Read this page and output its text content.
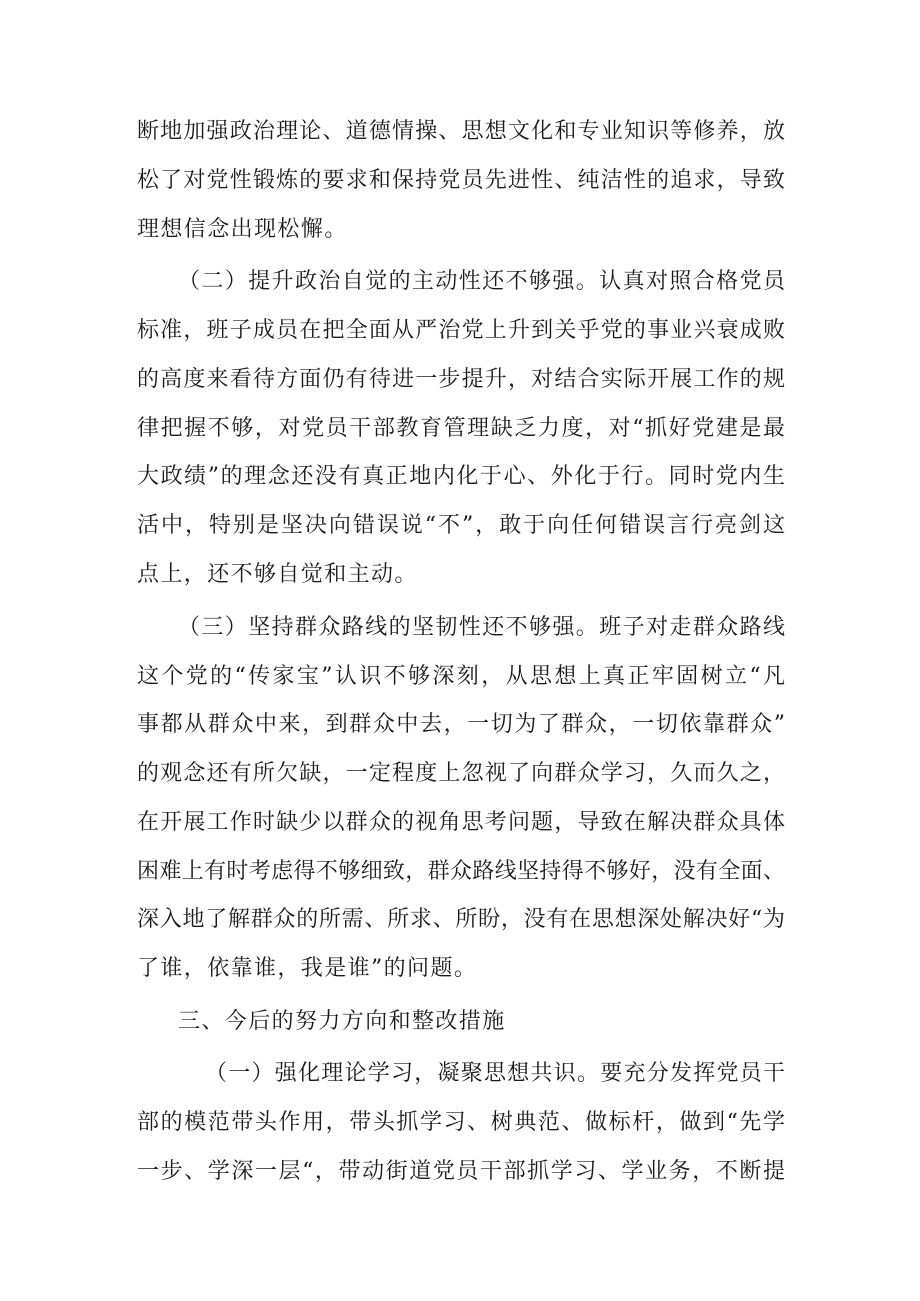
断地加强政治理论、道德情操、思想文化和专业知识等修养，放
松了对党性锻炼的要求和保持党员先进性、纯洁性的追求，导致
理想信念出现松懈。
（二）提升政治自觉的主动性还不够强。认真对照合格党员
标准，班子成员在把全面从严治党上升到关乎党的事业兴衰成败
的高度来看待方面仍有待进一步提升，对结合实际开展工作的规
律把握不够，对党员干部教育管理缺乏力度，对“抓好党建是最
大政绩”的理念还没有真正地内化于心、外化于行。同时党内生
活中，特别是坚决向错误说“不”，敢于向任何错误言行亮剑这
点上，还不够自觉和主动。
（三）坚持群众路线的坚韧性还不够强。班子对走群众路线
这个党的“传家宝”认识不够深刻，从思想上真正牢固树立“凡
事都从群众中来，到群众中去，一切为了群众，一切依靠群众”
的观念还有所欠缺，一定程度上忽视了向群众学习，久而久之，
在开展工作时缺少以群众的视角思考问题，导致在解决群众具体
困难上有时考虑得不够细致，群众路线坚持得不够好，没有全面、
深入地了解群众的所需、所求、所盼，没有在思想深处解决好“为
了谁，依靠谁，我是谁”的问题。
三、今后的努力方向和整改措施
（一）强化理论学习，凝聚思想共识。要充分发挥党员干
部的模范带头作用，带头抓学习、树典范、做标杆，做到“先学
一步、学深一层“，带动街道党员干部抓学习、学业务，不断提
